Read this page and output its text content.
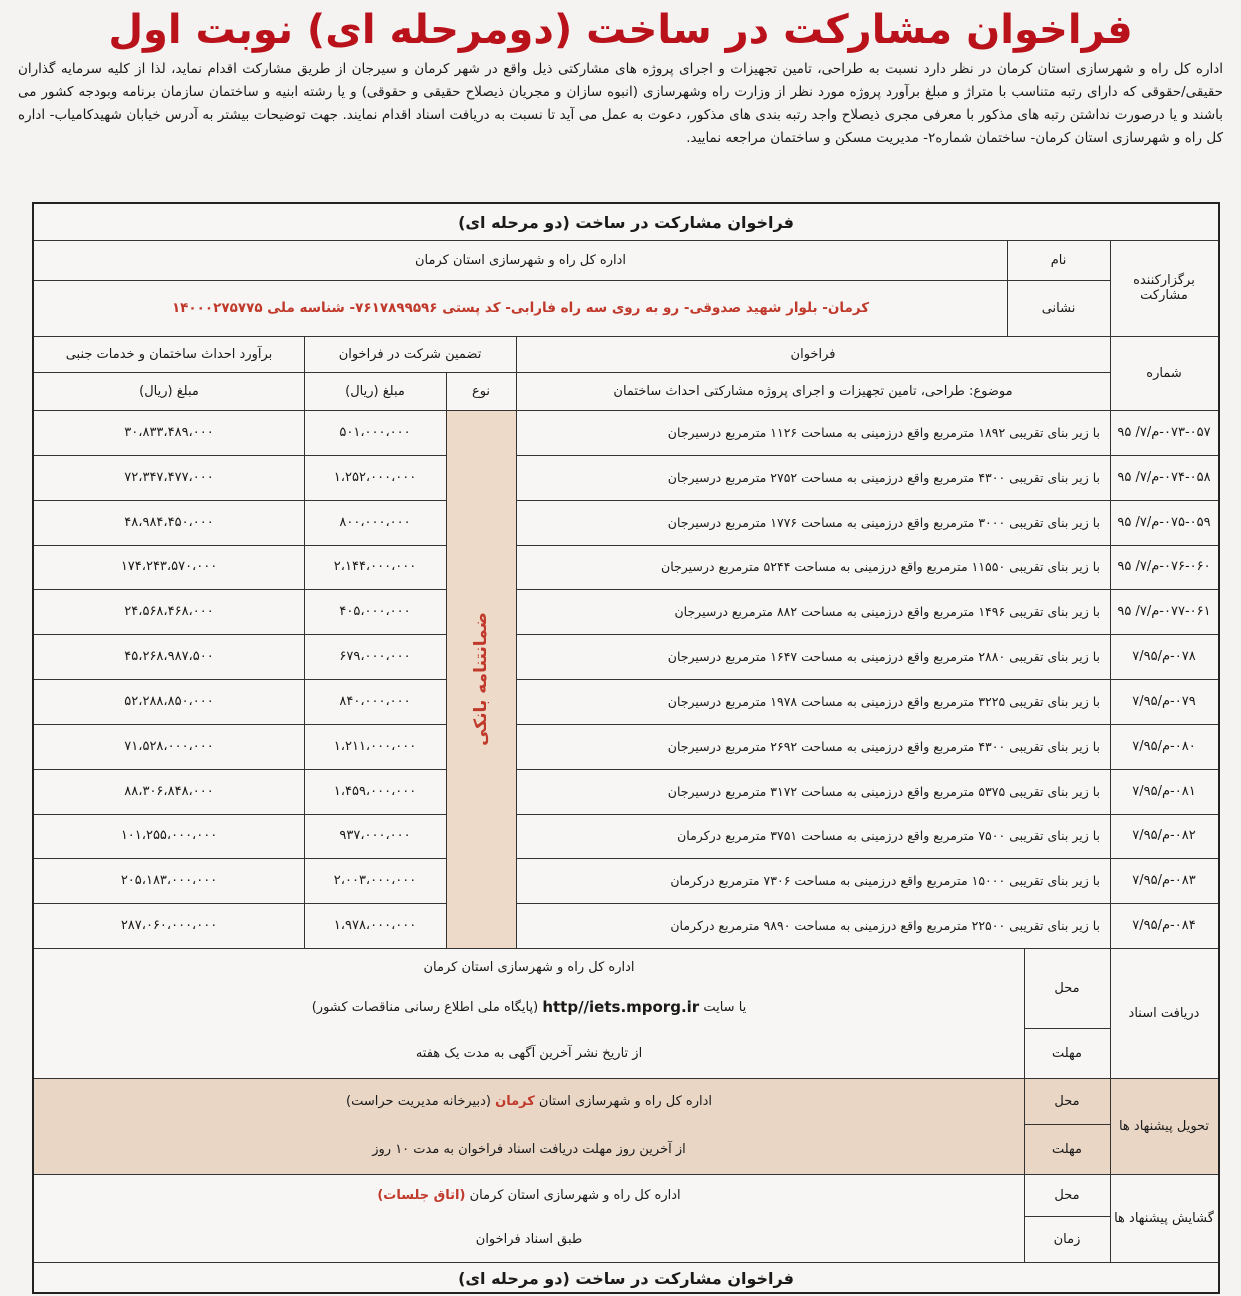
فراخوان مشارکت در ساخت (دومرحله ای) نوبت اول
اداره کل راه و شهرسازی استان کرمان در نظر دارد نسبت به طراحی، تامین تجهیزات و اجرای پروژه های مشارکتی ذیل واقع در شهر کرمان و سیرجان از طریق مشارکت اقدام نماید، لذا از کلیه سرمایه گذاران حقیقی/حقوقی که دارای رتبه متناسب با متراژ و مبلغ برآورد پروژه مورد نظر از وزارت راه وشهرسازی (انبوه سازان و مجریان ذیصلاح حقیقی و حقوقی) و یا رشته ابنیه و ساختمان سازمان برنامه وبودجه کشور می باشند و یا درصورت نداشتن رتبه های مذکور با معرفی مجری ذیصلاح واجد رتبه بندی های مذکور، دعوت به عمل می آید تا نسبت به دریافت اسناد اقدام نمایند. جهت توضیحات بیشتر به آدرس خیابان شهیدکامیاب- اداره کل راه و شهرسازی استان کرمان- ساختمان شماره۲- مدیریت مسکن و ساختمان مراجعه نمایید.
فراخوان مشارکت در ساخت (دو مرحله ای)
برگزارکننده مشارکت
نام
اداره کل راه و شهرسازی استان کرمان
نشانی
کرمان- بلوار شهید صدوقی- رو به روی سه راه فارابی- کد پستی ۷۶۱۷۸۹۹۵۹۶- شناسه ملی ۱۴۰۰۰۲۷۵۷۷۵
شماره
فراخوان
موضوع: طراحی، تامین تجهیزات و اجرای پروژه مشارکتی احداث ساختمان
تضمین شرکت در فراخوان
نوع
مبلغ (ریال)
برآورد احداث ساختمان و خدمات جنبی
مبلغ (ریال)
۰۷۳-۰۵۷-م/۷/ ۹۵
با زیر بنای تقریبی ۱۸۹۲ مترمربع واقع درزمینی به مساحت ۱۱۲۶ مترمربع درسیرجان
۵۰۱،۰۰۰،۰۰۰
۳۰،۸۳۳،۴۸۹،۰۰۰
۰۷۴-۰۵۸-م/۷/ ۹۵
با زیر بنای تقریبی ۴۳۰۰ مترمربع واقع درزمینی به مساحت ۲۷۵۲ مترمربع درسیرجان
۱،۲۵۲،۰۰۰،۰۰۰
۷۲،۳۴۷،۴۷۷،۰۰۰
۰۷۵-۰۵۹-م/۷/ ۹۵
با زیر بنای تقریبی ۳۰۰۰ مترمربع واقع درزمینی به مساحت ۱۷۷۶ مترمربع درسیرجان
۸۰۰،۰۰۰،۰۰۰
۴۸،۹۸۴،۴۵۰،۰۰۰
۰۷۶-۰۶۰-م/۷/ ۹۵
با زیر بنای تقریبی ۱۱۵۵۰ مترمربع واقع درزمینی به مساحت ۵۲۴۴ مترمربع درسیرجان
۲،۱۴۴،۰۰۰،۰۰۰
۱۷۴،۲۴۳،۵۷۰،۰۰۰
۰۷۷-۰۶۱-م/۷/ ۹۵
با زیر بنای تقریبی ۱۴۹۶ مترمربع واقع درزمینی به مساحت ۸۸۲ مترمربع درسیرجان
۴۰۵،۰۰۰،۰۰۰
۲۴،۵۶۸،۴۶۸،۰۰۰
۰۷۸-م/۷/۹۵
با زیر بنای تقریبی ۲۸۸۰ مترمربع واقع درزمینی به مساحت ۱۶۴۷ مترمربع درسیرجان
۶۷۹،۰۰۰،۰۰۰
۴۵،۲۶۸،۹۸۷،۵۰۰
۰۷۹-م/۷/۹۵
با زیر بنای تقریبی ۳۲۲۵ مترمربع واقع درزمینی به مساحت ۱۹۷۸ مترمربع درسیرجان
۸۴۰،۰۰۰،۰۰۰
۵۲،۲۸۸،۸۵۰،۰۰۰
۰۸۰-م/۷/۹۵
با زیر بنای تقریبی ۴۳۰۰ مترمربع واقع درزمینی به مساحت ۲۶۹۲ مترمربع درسیرجان
۱،۲۱۱،۰۰۰،۰۰۰
۷۱،۵۲۸،۰۰۰،۰۰۰
۰۸۱-م/۷/۹۵
با زیر بنای تقریبی ۵۳۷۵ مترمربع واقع درزمینی به مساحت ۳۱۷۲ مترمربع درسیرجان
۱،۴۵۹،۰۰۰،۰۰۰
۸۸،۳۰۶،۸۴۸،۰۰۰
۰۸۲-م/۷/۹۵
با زیر بنای تقریبی ۷۵۰۰ مترمربع واقع درزمینی به مساحت ۳۷۵۱ مترمربع درکرمان
۹۳۷،۰۰۰،۰۰۰
۱۰۱،۲۵۵،۰۰۰،۰۰۰
۰۸۳-م/۷/۹۵
با زیر بنای تقریبی ۱۵۰۰۰ مترمربع واقع درزمینی به مساحت ۷۳۰۶ مترمربع درکرمان
۲،۰۰۳،۰۰۰،۰۰۰
۲۰۵،۱۸۳،۰۰۰،۰۰۰
۰۸۴-م/۷/۹۵
با زیر بنای تقریبی ۲۲۵۰۰ مترمربع واقع درزمینی به مساحت ۹۸۹۰ مترمربع درکرمان
۱،۹۷۸،۰۰۰،۰۰۰
۲۸۷،۰۶۰،۰۰۰،۰۰۰
ضمانتنامه بانکی
دریافت اسناد
محل
اداره کل راه و شهرسازی استان کرمان
یا سایت

http//iets.mporg.ir

(پایگاه ملی اطلاع رسانی مناقصات کشور)
مهلت
از تاریخ نشر آخرین آگهی به مدت یک هفته
تحویل پیشنهاد ها
محل
اداره کل راه و شهرسازی استان

کرمان

(دبیرخانه مدیریت حراست)
مهلت
از آخرین روز مهلت دریافت اسناد فراخوان به مدت ۱۰ روز
گشایش پیشنهاد ها
محل
اداره کل راه و شهرسازی استان کرمان

(اتاق جلسات)
زمان
طبق اسناد فراخوان
فراخوان مشارکت در ساخت (دو مرحله ای)
